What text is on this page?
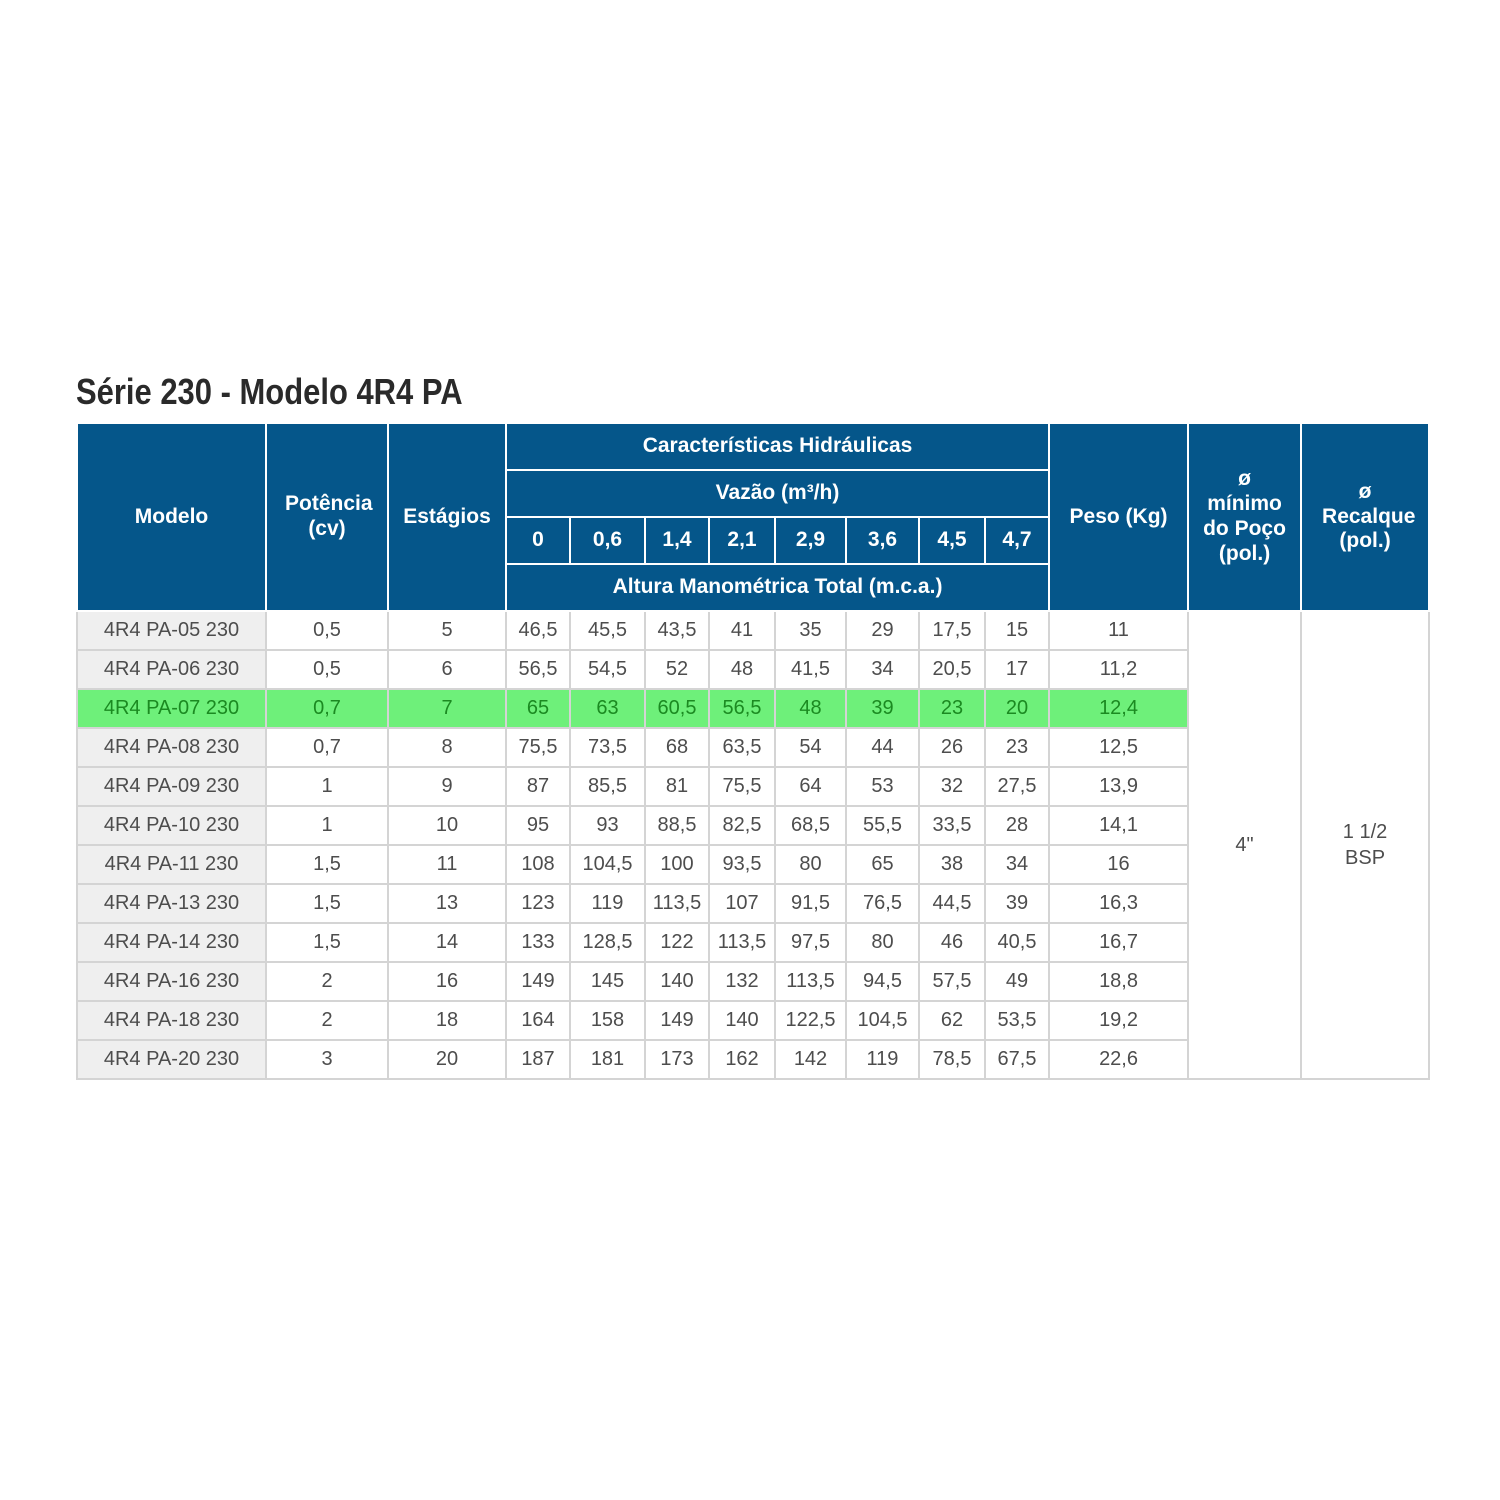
Série 230 - Modelo 4R4 PA
Modelo	Potência (cv)	Estágios	Características Hidráulicas								Peso (Kg)	ø mínimo do Poço (pol.)	ø Recalque (pol.)
			Vazão (m³/h)										
			0	0,6	1,4	2,1	2,9	3,6	4,5	4,7			
			Altura Manométrica Total (m.c.a.)										
4R4 PA-05 230	0,5	5	46,5	45,5	43,5	41	35	29	17,5	15	11	4"	1 1/2
BSP
4R4 PA-06 230	0,5	6	56,5	54,5	52	48	41,5	34	20,5	17	11,2		
4R4 PA-07 230	0,7	7	65	63	60,5	56,5	48	39	23	20	12,4		
4R4 PA-08 230	0,7	8	75,5	73,5	68	63,5	54	44	26	23	12,5		
4R4 PA-09 230	1	9	87	85,5	81	75,5	64	53	32	27,5	13,9		
4R4 PA-10 230	1	10	95	93	88,5	82,5	68,5	55,5	33,5	28	14,1		
4R4 PA-11 230	1,5	11	108	104,5	100	93,5	80	65	38	34	16		
4R4 PA-13 230	1,5	13	123	119	113,5	107	91,5	76,5	44,5	39	16,3		
4R4 PA-14 230	1,5	14	133	128,5	122	113,5	97,5	80	46	40,5	16,7		
4R4 PA-16 230	2	16	149	145	140	132	113,5	94,5	57,5	49	18,8		
4R4 PA-18 230	2	18	164	158	149	140	122,5	104,5	62	53,5	19,2		
4R4 PA-20 230	3	20	187	181	173	162	142	119	78,5	67,5	22,6		
